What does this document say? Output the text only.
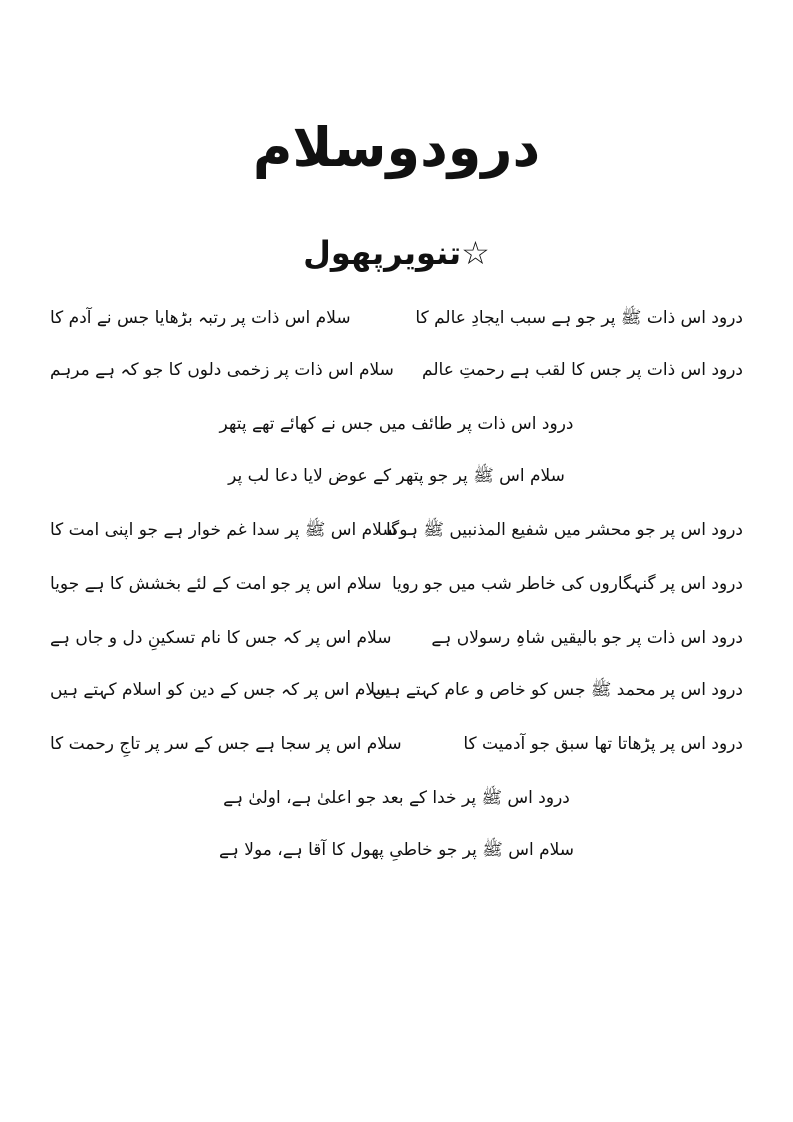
درودوسلام
☆تنویرپھول
درود اس ذات ﷺ پر جو ہے سبب ایجادِ عالم کا
سلام اس ذات پر رتبہ بڑھایا جس نے آدم کا
درود اس ذات پر جس کا لقب ہے رحمتِ عالم
سلام اس ذات پر زخمی دلوں کا جو کہ ہے مرہم
درود اس ذات پر طائف میں جس نے کھائے تھے پتھر
سلام اس ﷺ پر جو پتھر کے عوض لایا دعا لب پر
درود اس پر جو محشر میں شفیع المذنبیں ﷺ ہوگا
سلام اس ﷺ پر سدا غم خوار ہے جو اپنی امت کا
درود اس پر گنہگاروں کی خاطر شب میں جو رویا
سلام اس پر جو امت کے لئے بخشش کا ہے جویا
درود اس ذات پر جو بالیقیں شاہِ رسولاں ہے
سلام اس پر کہ جس کا نام تسکینِ دل و جاں ہے
درود اس پر محمد ﷺ جس کو خاص و عام کہتے ہیں
سلام اس پر کہ جس کے دین کو اسلام کہتے ہیں
درود اس پر پڑھاتا تھا سبق جو آدمیت کا
سلام اس پر سجا ہے جس کے سر پر تاجِ رحمت کا
درود اس ﷺ پر خدا کے بعد جو اعلیٰ ہے، اولیٰ ہے
سلام اس ﷺ پر جو خاطیِ پھول کا آقا ہے، مولا ہے
